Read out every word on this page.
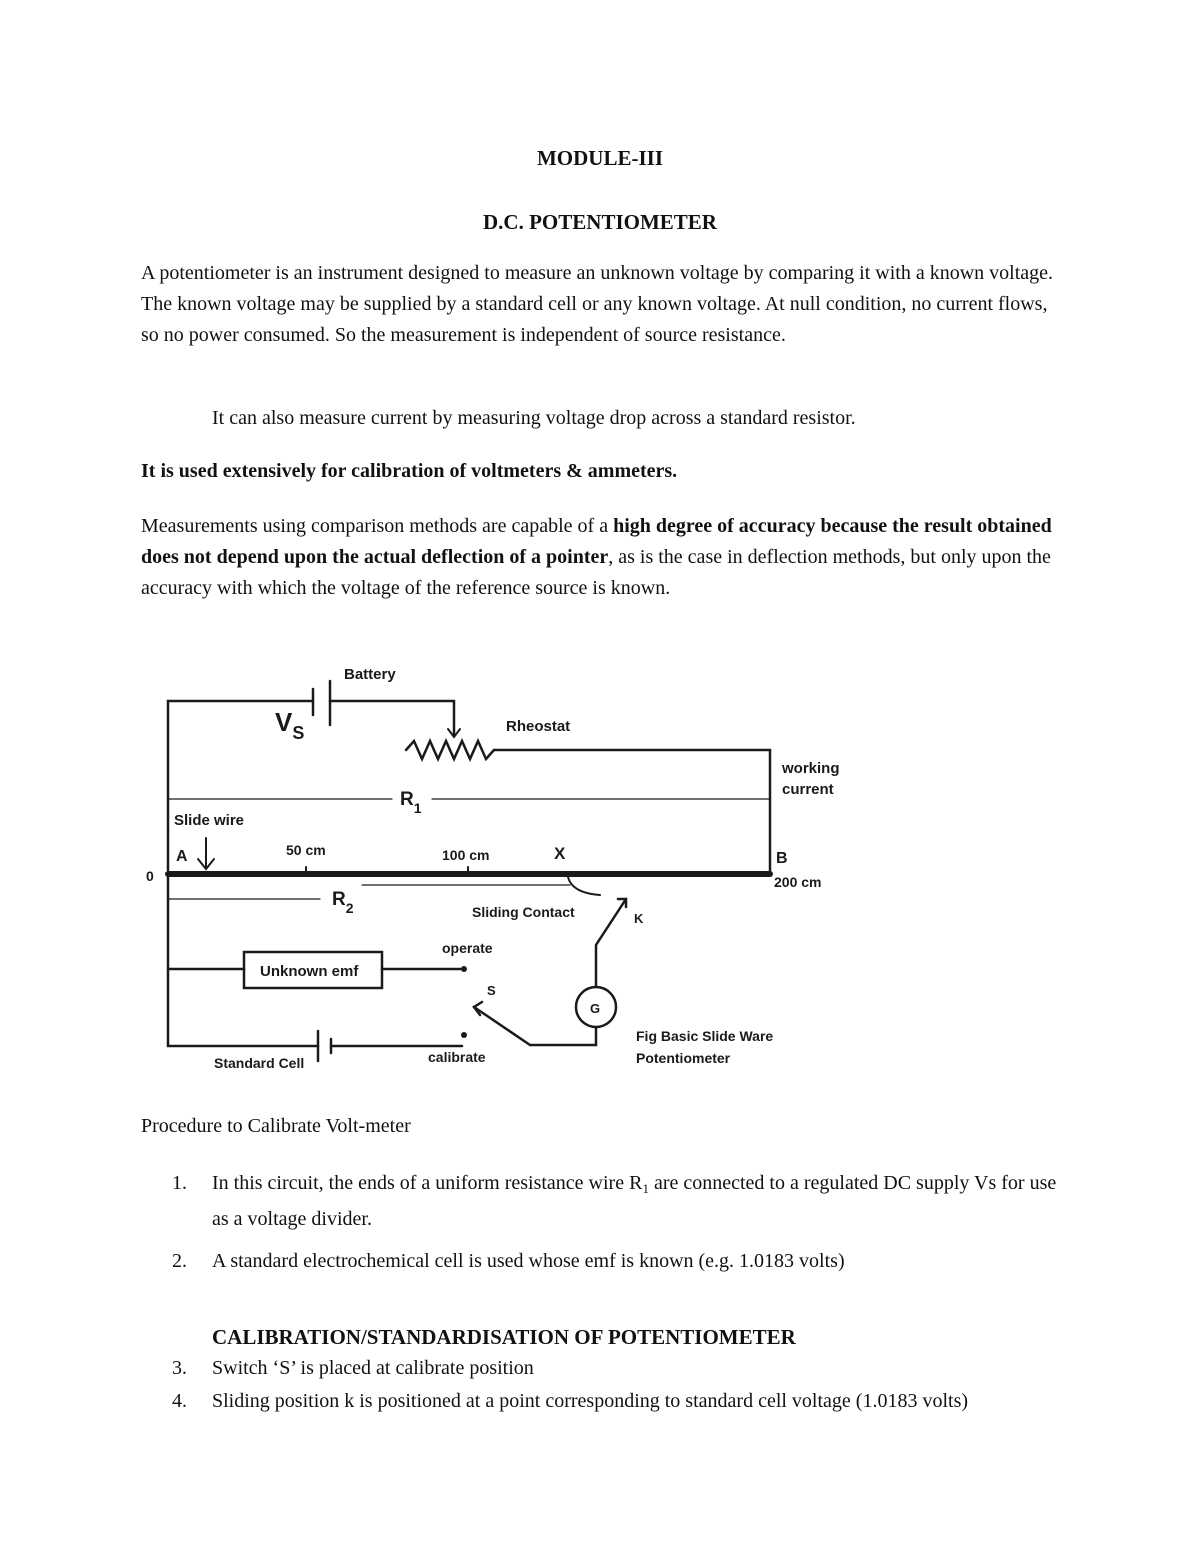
MODULE-III
D.C. POTENTIOMETER

A potentiometer is an instrument designed to measure an unknown voltage by comparing it with a known voltage. The known voltage may be supplied by a standard cell or any known voltage. At null condition, no current flows, so no power consumed. So the measurement is independent of source resistance.

It can also measure current by measuring voltage drop across a standard resistor.

It is used extensively for calibration of voltmeters & ammeters.

Measurements using comparison methods are capable of a high degree of accuracy because the result obtained does not depend upon the actual deflection of a pointer, as is the case in deflection methods, but only upon the accuracy with which the voltage of the reference source is known.

Battery
$V_S$	Rheostat
working
current
$R_1$
Slide wire
A
0
50 cm	100 cm	X	B
200 cm
$R_2$	Sliding Contact	K
operate
Unknown emf
S
G
Standard Cell	calibrate
Fig Basic Slide Ware
Potentiometer

Procedure to Calibrate Volt-meter

1. In this circuit, the ends of a uniform resistance wire $R_1$ are connected to a regulated DC supply Vs for use as a voltage divider.
2. A standard electrochemical cell is used whose emf is known (e.g. 1.0183 volts)

CALIBRATION/STANDARDISATION OF POTENTIOMETER

3. Switch ‘S’ is placed at calibrate position
4. Sliding position k is positioned at a point corresponding to standard cell voltage (1.0183 volts)
